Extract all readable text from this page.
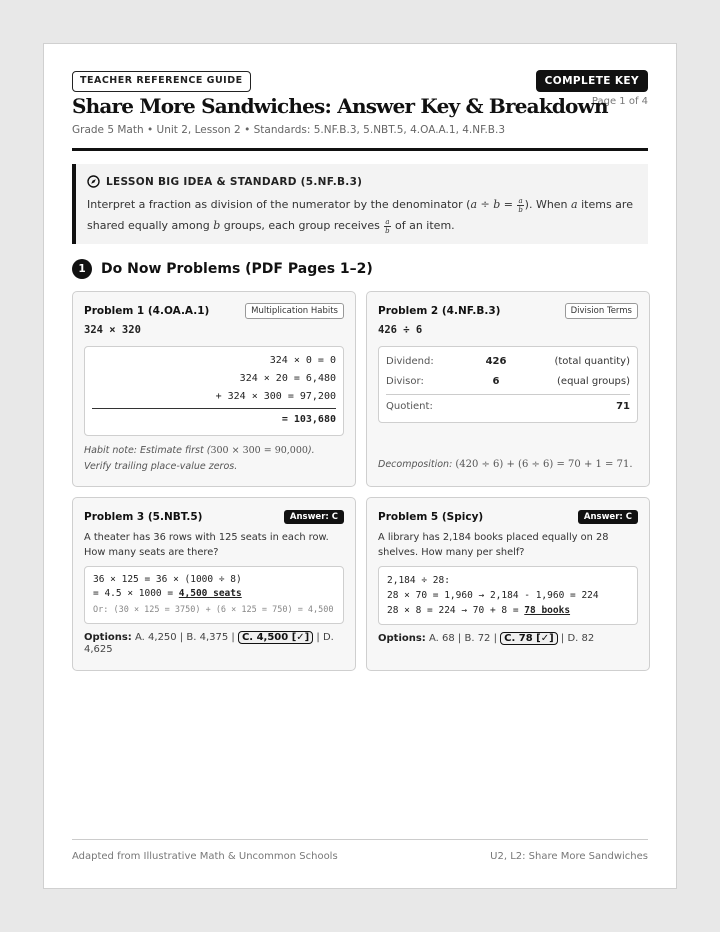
TEACHER REFERENCE GUIDE	COMPLETE KEY
Page 1 of 4
Share More Sandwiches: Answer Key & Breakdown
Grade 5 Math • Unit 2, Lesson 2 • Standards: 5.NF.B.3, 5.NBT.5, 4.OA.A.1, 4.NF.B.3
LESSON BIG IDEA & STANDARD (5.NF.B.3)
Interpret a fraction as division of the numerator by the denominator ($a \div b = \frac{a}{b}$ ). When a items are shared equally among b groups, each group receives $\frac{a}{b}$ of an item.
1	Do Now Problems (PDF Pages 1–2)
Problem 1 (4.OA.A.1)	Multiplication Habits
324 × 320
324 × 0 = 0
324 × 20 = 6,480
+ 324 × 300 = 97,200
= 103,680
Habit note: Estimate first (300 × 300 = 90,000). Verify trailing place-value zeros.
Problem 2 (4.NF.B.3)	Division Terms
426 ÷ 6
Dividend:	426	(total quantity)
Divisor:	6	(equal groups)
Quotient:	71
Decomposition: (420 ÷ 6) + (6 ÷ 6) = 70 + 1 = 71.
Problem 3 (5.NBT.5)	Answer: C
A theater has 36 rows with 125 seats in each row. How many seats are there?
36 × 125 = 36 × (1000 ÷ 8)
= 4.5 × 1000 = 4,500 seats
Or: (30 × 125 = 3750) + (6 × 125 = 750) = 4,500
Options: A. 4,250 | B. 4,375 | C. 4,500 [✓] | D. 4,625
Problem 5 (Spicy)	Answer: C
A library has 2,184 books placed equally on 28 shelves. How many per shelf?
2,184 ÷ 28:
28 × 70 = 1,960 → 2,184 - 1,960 = 224
28 × 8 = 224 → 70 + 8 = 78 books
Options: A. 68 | B. 72 | C. 78 [✓] | D. 82
Adapted from Illustrative Math & Uncommon Schools	U2, L2: Share More Sandwiches
